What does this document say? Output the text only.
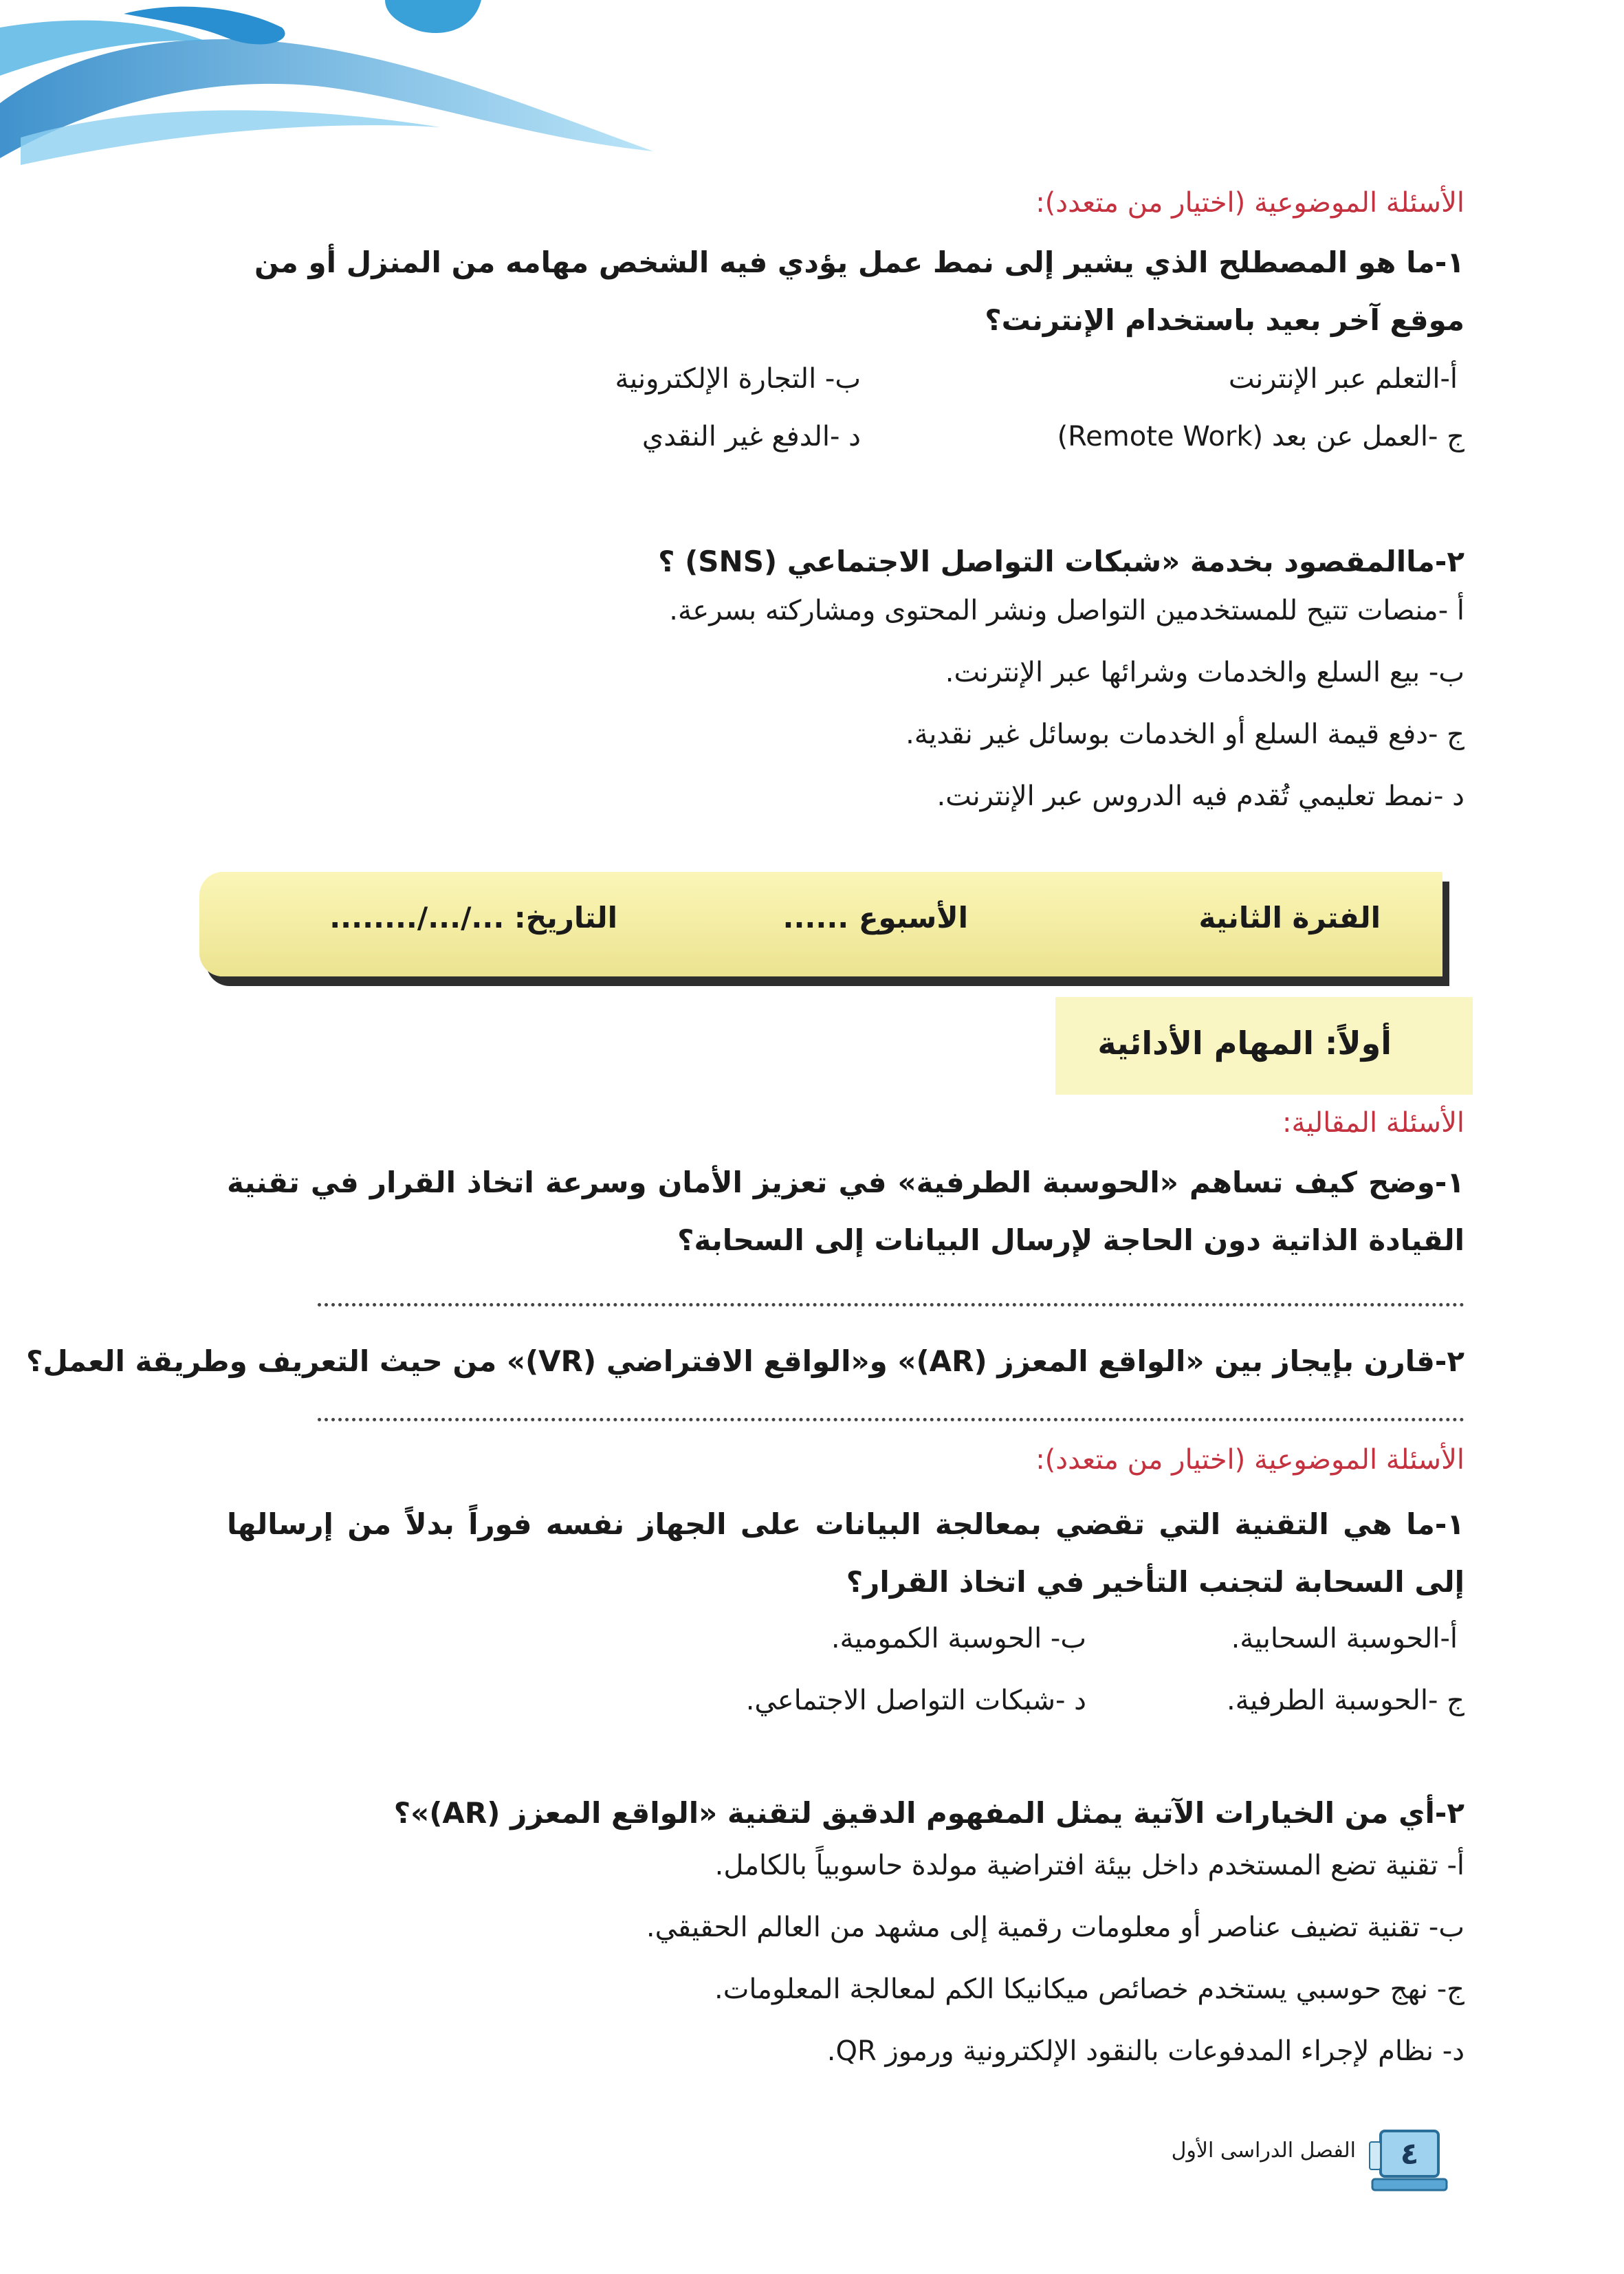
الأسئلة الموضوعية (اختيار من متعدد):
١-ما هو المصطلح الذي يشير إلى نمط عمل يؤدي فيه الشخص مهامه من المنزل أو من موقع آخر بعيد باستخدام الإنترنت؟
أ-التعلم عبر الإنترنت
ب- التجارة الإلكترونية
ج -العمل عن بعد (Remote Work)
د -الدفع غير النقدي
٢-ماالمقصود بخدمة «شبكات التواصل الاجتماعي (SNS) ؟
أ -منصات تتيح للمستخدمين التواصل ونشر المحتوى ومشاركته بسرعة.
ب- بيع السلع والخدمات وشرائها عبر الإنترنت.
ج -دفع قيمة السلع أو الخدمات بوسائل غير نقدية.
د -نمط تعليمي تُقدم فيه الدروس عبر الإنترنت.
الفترة الثانية
الأسبوع ......
التاريخ: .../.../........
أولاً: المهام الأدائية
الأسئلة المقالية:
١-وضح كيف تساهم «الحوسبة الطرفية» في تعزيز الأمان وسرعة اتخاذ القرار في تقنية القيادة الذاتية دون الحاجة لإرسال البيانات إلى السحابة؟
٢-قارن بإيجاز بين «الواقع المعزز (AR)» و«الواقع الافتراضي (VR)» من حيث التعريف وطريقة العمل؟
الأسئلة الموضوعية (اختيار من متعدد):
١-ما هي التقنية التي تقضي بمعالجة البيانات على الجهاز نفسه فوراً بدلاً من إرسالها إلى السحابة لتجنب التأخير في اتخاذ القرار؟
أ-الحوسبة السحابية.
ب- الحوسبة الكمومية.
ج -الحوسبة الطرفية.
د -شبكات التواصل الاجتماعي.
٢-أي من الخيارات الآتية يمثل المفهوم الدقيق لتقنية «الواقع المعزز (AR)»؟
أ- تقنية تضع المستخدم داخل بيئة افتراضية مولدة حاسوبياً بالكامل.
ب- تقنية تضيف عناصر أو معلومات رقمية إلى مشهد من العالم الحقيقي.
ج- نهج حوسبي يستخدم خصائص ميكانيكا الكم لمعالجة المعلومات.
د- نظام لإجراء المدفوعات بالنقود الإلكترونية ورموز QR.
٤
الفصل الدراسى الأول
